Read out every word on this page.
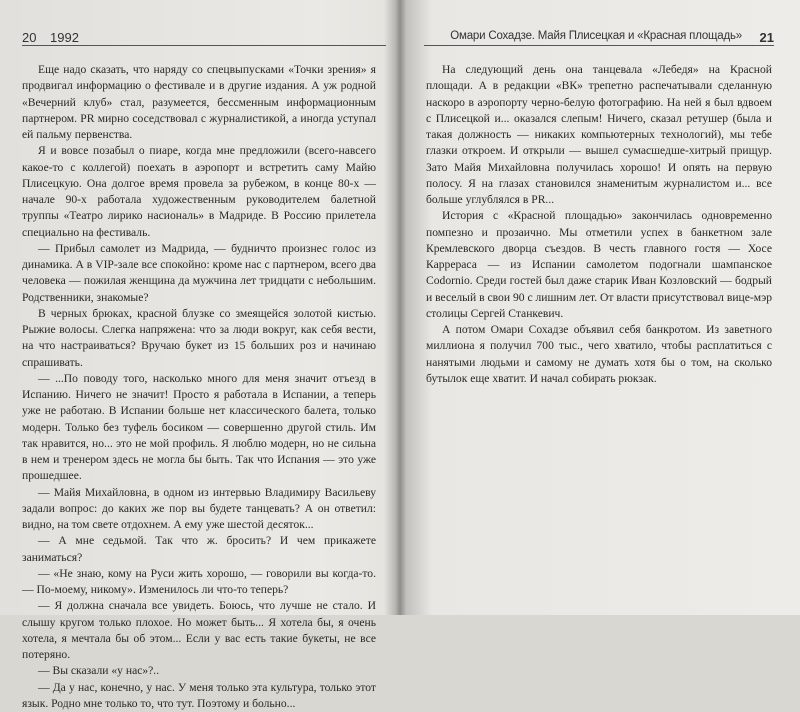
20 1992

Еще надо сказать, что наряду со спецвыпусками «Точки зрения» я продвигал информацию о фестивале и в другие издания. А уж родной «Вечерний клуб» стал, разумеется, бессменным информационным партнером. PR мирно соседствовал с журналистикой, а иногда уступал ей пальму первенства.

Я и вовсе позабыл о пиаре, когда мне предложили (всего-навсего какое-то с коллегой) поехать в аэропорт и встретить саму Майю Плисецкую. Она долгое время провела за рубежом, в конце 80-х — начале 90-х работала художественным руководителем балетной труппы «Театро лирико насиональ» в Мадриде. В Россию прилетела специально на фестиваль.

— Прибыл самолет из Мадрида, — будничто произнес голос из динамика. А в VIP-зале все спокойно: кроме нас с партнером, всего два человека — пожилая женщина да мужчина лет тридцати с небольшим. Родственники, знакомые?

В черных брюках, красной блузке со змеящейся золотой кистью. Рыжие волосы. Слегка напряжена: что за люди вокруг, как себя вести, на что настраиваться? Вручаю букет из 15 больших роз и начинаю спрашивать.

— ...По поводу того, насколько много для меня значит отъезд в Испанию. Ничего не значит! Просто я работала в Испании, а теперь уже не работаю. В Испании больше нет классического балета, только модерн. Только без туфель босиком — совершенно другой стиль. Им так нравится, но... это не мой профиль. Я люблю модерн, но не сильна в нем и тренером здесь не могла бы быть. Так что Испания — это уже прошедшее.

— Майя Михайловна, в одном из интервью Владимиру Васильеву задали вопрос: до каких же пор вы будете танцевать? А он ответил: видно, на том свете отдохнем. А ему уже шестой десяток...

— А мне седьмой. Так что ж. бросить? И чем прикажете заниматься?

— «Не знаю, кому на Руси жить хорошо, — говорили вы когда-то. — По-моему, никому». Изменилось ли что-то теперь?

— Я должна сначала все увидеть. Боюсь, что лучше не стало. И слышу кругом только плохое. Но может быть... Я хотела бы, я очень хотела, я мечтала бы об этом... Если у вас есть такие букеты, не все потеряно.

— Вы сказали «у нас»?..

— Да у нас, конечно, у нас. У меня только эта культура, только этот язык. Родно мне только то, что тут. Поэтому и больно...

Омари Сохадзе. Майя Плисецкая и «Красная площадь» 21

На следующий день она танцевала «Лебедя» на Красной площади. А в редакции «ВК» трепетно распечатывали сделанную наскоро в аэропорту черно-белую фотографию. На ней я был вдвоем с Плисецкой и... оказался слепым! Ничего, сказал ретушер (была и такая должность — никаких компьютерных технологий), мы тебе глазки откроем. И открыли — вышел сумасшедше-хитрый прищур. Зато Майя Михайловна получилась хорошо! И опять на первую полосу. Я на глазах становился знаменитым журналистом и... все больше углублялся в PR...

История с «Красной площадью» закончилась одновременно помпезно и прозаично. Мы отметили успех в банкетном зале Кремлевского дворца съездов. В честь главного гостя — Хосе Каррераса — из Испании самолетом подогнали шампанское Codornio. Среди гостей был даже старик Иван Козловский — бодрый и веселый в свои 90 с лишним лет. От власти присутствовал вице-мэр столицы Сергей Станкевич.

А потом Омари Сохадзе объявил себя банкротом. Из заветного миллиона я получил 700 тыс., чего хватило, чтобы расплатиться с нанятыми людьми и самому не думать хотя бы о том, на сколько бутылок еще хватит. И начал собирать рюкзак.
